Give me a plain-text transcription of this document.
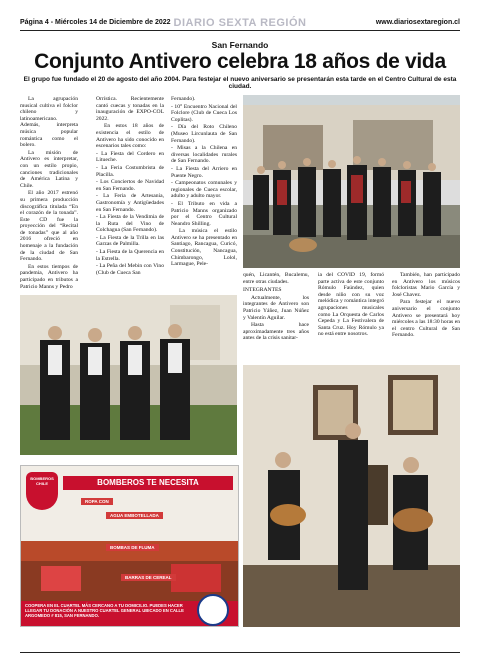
Página 4 - Miércoles 14 de Diciembre de 2022 DIARIO SEXTA REGIÓN	www.diariosextaregion.cl
San Fernando
Conjunto Antivero celebra 18 años de vida
El grupo fue fundado el 20 de agosto del año 2004. Para festejar el nuevo aniversario se presentarán esta tarde en el Centro Cultural de esta ciudad.

La agrupación musical cultiva el folclor chileno y latinoamericano. Además, interpreta música popular romántica como el bolero.

La misión de Antivero es interpretar, con un estilo propio, canciones tradicionales de América Latina y Chile.

El año 2017 estrenó su primera producción discográfica titulada “En el corazón de la tonada”. Este CD fue la proyección del “Recital de tonadas” que al año 2016 ofreció en homenaje a la fundación de la ciudad de San Fernando.

En estos tiempos de pandemia, Antivero ha participado en tributos a Patricio Manns y Pedro

Orrística. Recientemente cantó cuecas y tonadas en la inauguración de EXPO-COL 2022.

En estos 18 años de existencia el estilo de Antivero ha sido conocido en escenarios tales como:

- La Fiesta del Cordero en Litueche.

- La Feria Costumbrista de Placilla.

- Los Conciertos de Navidad en San Fernando.

- La Feria de Artesanía, Gastronomía y Antigüedades en San Fernando.

- La Fiesta de la Vendimia de la Ruta del Vino de Colchagua (San Fernando).

- La Fiesta de la Trilla en las Garzas de Palmilla.

- La Fiesta de la Querencia en la Estrella.

- La Peña del Mebin con Vino (Club de Cueca San

Fernando).

- 10° Encuentro Nacional del Folclore (Club de Cueca Los Coplitas).

- Día del Roto Chileno (Museo Lircunlauta de San Fernando).

- Misas a la Chilena en diversas localidades rurales de San Fernando.

- La Fiesta del Arriero en Puente Negro.

- Campeonatos comunales y regionales de Cueca escolar, adulto y adulto mayor.

- El Tributo en vida a Patricio Manns organizado por el Centro Cultural Neandro Shilling.

La música el estilo Antivero se ha presentado en Santiago, Rancagua, Curicó, Constitución, Nancagua, Chimbarongo, Lolol, Larmague, Pele-

quén, Licantén, Bucalemu, entre otras ciudades.

INTEGRANTES

Actualmente, los integrantes de Antivero son Patricio Yáñez, Juan Núñez y Valentín Aguilar.

Hasta hace aproximadamente tres años antes de la crisis sanitar-

ia del COVID 19, formó parte activa de este conjunto Rómulo Faúndez, quien desde niño con su voz melódica y romántica integró agrupaciones musicales como La Orquesta de Carlos Cepeda y La Festivalera de Santa Cruz. Hoy Rómulo ya no está entre nosotros.

También, han participado en Antivero los músicos folcloristas Mario García y José Chavez.

Para festejar el nuevo aniversario el conjunto Antivero se presentará hoy miércoles a las 18:30 horas en el centro Cultural de San Fernando.

BOMBEROS CHILE	BOMBEROS TE NECESITA
ROPA CON
AGUA EMBOTELLADA
BOMBAS DE FLUMA
BARRAS DE CEREAL
COOPERA EN EL CUARTEL MÁS CERCANO A TU DOMICILIO. PUEDES HACER LLEGAR TU DONACIÓN A NUESTRO CUARTEL GENERAL UBICADO EN CALLE ARGOMEDO # 815, SAN FERNANDO.
